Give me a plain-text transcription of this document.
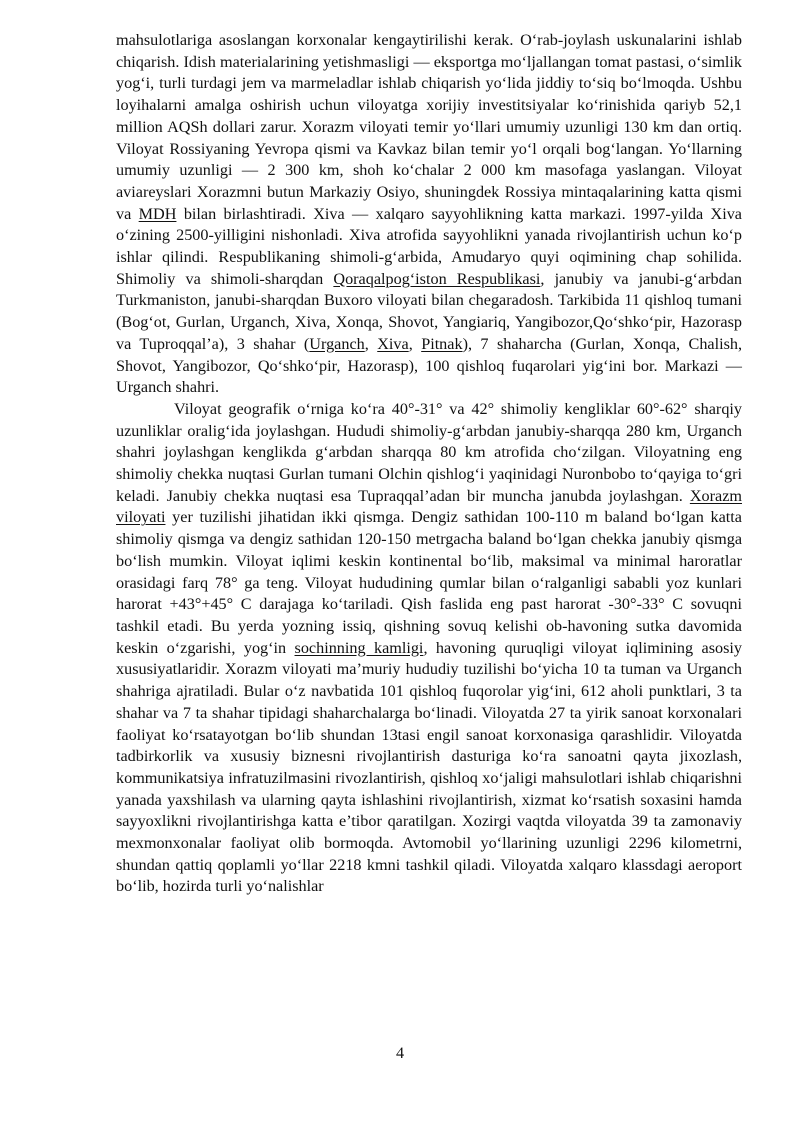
mahsulotlariga asoslangan korxonalar kengaytirilishi kerak. O‘rab-joylash uskunalarini ishlab chiqarish. Idish materialarining yetishmasligi — eksportga mo‘ljallangan tomat pastasi, o‘simlik yog‘i, turli turdagi jem va marmeladlar ishlab chiqarish yo‘lida jiddiy to‘siq bo‘lmoqda. Ushbu loyihalarni amalga oshirish uchun viloyatga xorijiy investitsiyalar ko‘rinishida qariyb 52,1 million AQSh dollari zarur. Xorazm viloyati temir yo‘llari umumiy uzunligi 130 km dan ortiq. Viloyat Rossiyaning Yevropa qismi va Kavkaz bilan temir yo‘l orqali bog‘langan. Yo‘llarning umumiy uzunligi — 2 300 km, shoh ko‘chalar 2 000 km masofaga yaslangan. Viloyat aviareyslari Xorazmni butun Markaziy Osiyo, shuningdek Rossiya mintaqalarining katta qismi va MDH bilan birlashtiradi. Xiva — xalqaro sayyohlikning katta markazi. 1997-yilda Xiva o‘zining 2500-yilligini nishonladi. Xiva atrofida sayyohlikni yanada rivojlantirish uchun ko‘p ishlar qilindi. Respublikaning shimoli-g‘arbida, Amudaryo quyi oqimining chap sohilida. Shimoliy va shimoli-sharqdan Qoraqalpog‘iston Respublikasi, janubiy va janubi-g‘arbdan Turkmaniston, janubi-sharqdan Buxoro viloyati bilan chegaradosh. Tarkibida 11 qishloq tumani (Bog‘ot, Gurlan, Urganch, Xiva, Xonqa, Shovot, Yangiariq, Yangibozor,Qo‘shko‘pir, Hazorasp va Tuproqqal’a), 3 shahar (Urganch, Xiva, Pitnak), 7 shaharcha (Gurlan, Xonqa, Chalish, Shovot, Yangibozor, Qo‘shko‘pir, Hazorasp), 100 qishloq fuqarolari yig‘ini bor. Markazi — Urganch shahri.

Viloyat geografik o‘rniga ko‘ra 40°-31° va 42° shimoliy kengliklar 60°-62° sharqiy uzunliklar oralig‘ida joylashgan. Hududi shimoliy-g‘arbdan janubiy-sharqqa 280 km, Urganch shahri joylashgan kenglikda g‘arbdan sharqqa 80 km atrofida cho‘zilgan. Viloyatning eng shimoliy chekka nuqtasi Gurlan tumani Olchin qishlog‘i yaqinidagi Nuronbobo to‘qayiga to‘gri keladi. Janubiy chekka nuqtasi esa Tupraqqal’adan bir muncha janubda joylashgan. Xorazm viloyati yer tuzilishi jihatidan ikki qismga. Dengiz sathidan 100-110 m baland bo‘lgan katta shimoliy qismga va dengiz sathidan 120-150 metrgacha baland bo‘lgan chekka janubiy qismga bo‘lish mumkin. Viloyat iqlimi keskin kontinental bo‘lib, maksimal va minimal haroratlar orasidagi farq 78° ga teng. Viloyat hududining qumlar bilan o‘ralganligi sababli yoz kunlari harorat +43°+45° C darajaga ko‘tariladi. Qish faslida eng past harorat -30°-33° C sovuqni tashkil etadi. Bu yerda yozning issiq, qishning sovuq kelishi ob-havoning sutka davomida keskin o‘zgarishi, yog‘in sochinning kamligi, havoning quruqligi viloyat iqlimining asosiy xususiyatlaridir. Xorazm viloyati ma’muriy hududiy tuzilishi bo‘yicha 10 ta tuman va Urganch shahriga ajratiladi. Bular o‘z navbatida 101 qishloq fuqorolar yig‘ini, 612 aholi punktlari, 3 ta shahar va 7 ta shahar tipidagi shaharchalarga bo‘linadi. Viloyatda 27 ta yirik sanoat korxonalari faoliyat ko‘rsatayotgan bo‘lib shundan 13tasi engil sanoat korxonasiga qarashlidir. Viloyatda tadbirkorlik va xususiy biznesni rivojlantirish dasturiga ko‘ra sanoatni qayta jixozlash, kommunikatsiya infratuzilmasini rivozlantirish, qishloq xo‘jaligi mahsulotlari ishlab chiqarishni yanada yaxshilash va ularning qayta ishlashini rivojlantirish, xizmat ko‘rsatish soxasini hamda sayyoxlikni rivojlantirishga katta e’tibor qaratilgan. Xozirgi vaqtda viloyatda 39 ta zamonaviy mexmonxonalar faoliyat olib bormoqda. Avtomobil yo‘llarining uzunligi 2296 kilometrni, shundan qattiq qoplamli yo‘llar 2218 kmni tashkil qiladi. Viloyatda xalqaro klassdagi aeroport bo‘lib, hozirda turli yo‘nalishlar

4
